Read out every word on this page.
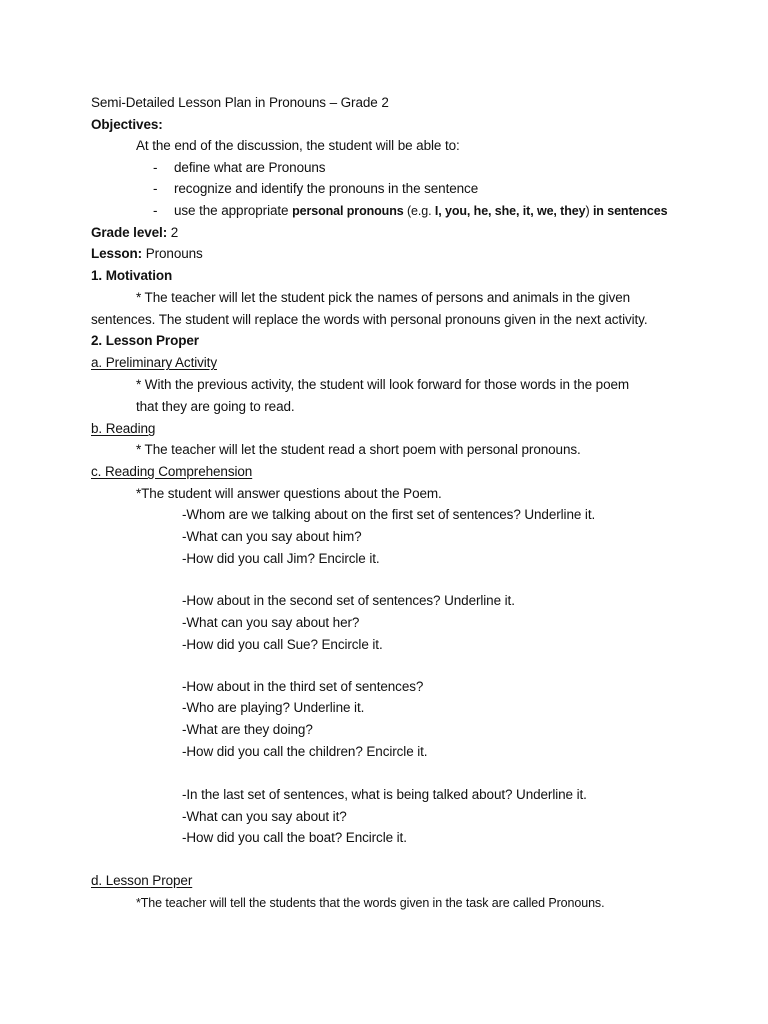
Semi-Detailed Lesson Plan in Pronouns – Grade 2
Objectives:
At the end of the discussion, the student will be able to:
- define what are Pronouns
- recognize and identify the pronouns in the sentence
- use the appropriate personal pronouns (e.g. I, you, he, she, it, we, they) in sentences
Grade level: 2
Lesson: Pronouns
1. Motivation
* The teacher will let the student pick the names of persons and animals in the given
sentences. The student will replace the words with personal pronouns given in the next activity.
2. Lesson Proper
a. Preliminary Activity
* With the previous activity, the student will look forward for those words in the poem
that they are going to read.
b. Reading
* The teacher will let the student read a short poem with personal pronouns.
c. Reading Comprehension
*The student will answer questions about the Poem.
-Whom are we talking about on the first set of sentences? Underline it.
-What can you say about him?
-How did you call Jim? Encircle it.
-How about in the second set of sentences? Underline it.
-What can you say about her?
-How did you call Sue? Encircle it.
-How about in the third set of sentences?
-Who are playing? Underline it.
-What are they doing?
-How did you call the children? Encircle it.
-In the last set of sentences, what is being talked about? Underline it.
-What can you say about it?
-How did you call the boat? Encircle it.
d. Lesson Proper
*The teacher will tell the students that the words given in the task are called Pronouns.
